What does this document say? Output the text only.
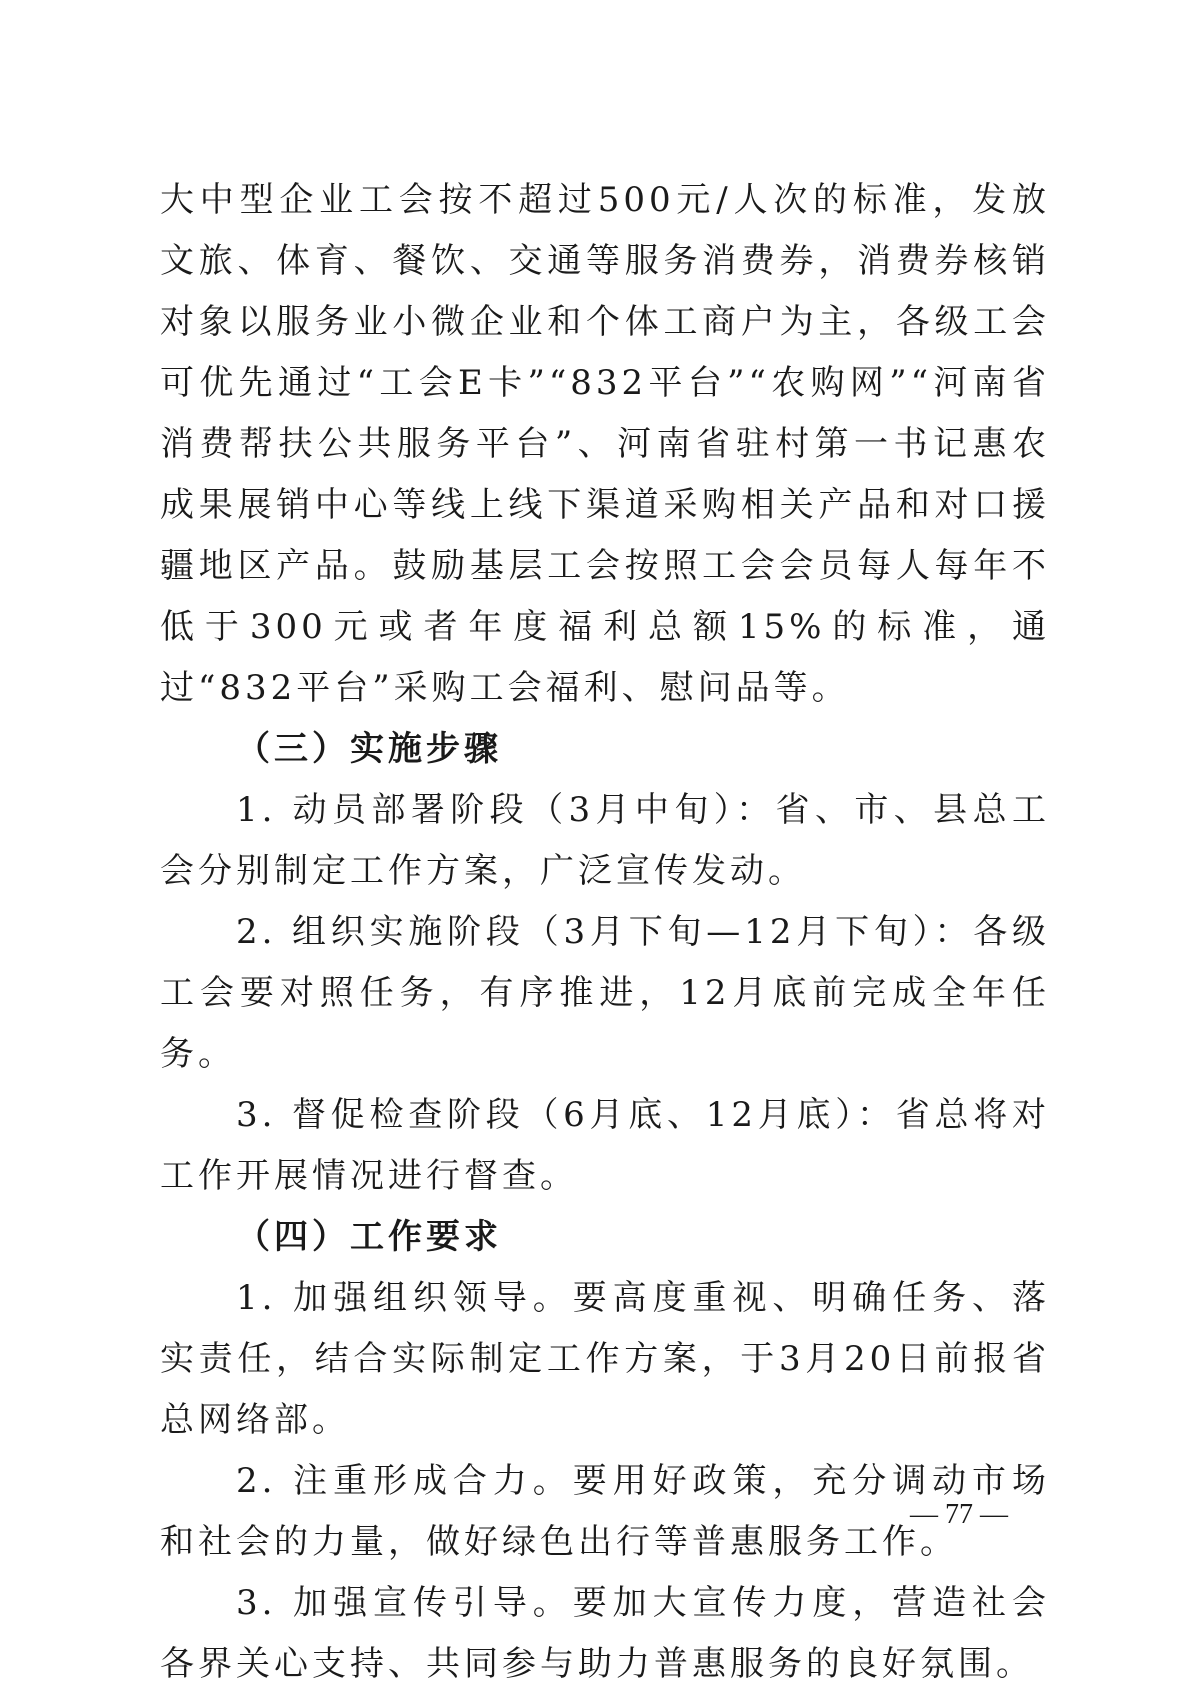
大中型企业工会按不超过500元/人次的标准，发放文旅、体育、餐饮、交通等服务消费券，消费券核销对象以服务业小微企业和个体工商户为主，各级工会可优先通过“工会E卡”“832平台”“农购网”“河南省消费帮扶公共服务平台”、河南省驻村第一书记惠农成果展销中心等线上线下渠道采购相关产品和对口援疆地区产品。鼓励基层工会按照工会会员每人每年不低于300元或者年度福利总额15%的标准，通过“832平台”采购工会福利、慰问品等。

（三）实施步骤

1. 动员部署阶段（3月中旬）：省、市、县总工会分别制定工作方案，广泛宣传发动。

2. 组织实施阶段（3月下旬—12月下旬）：各级工会要对照任务，有序推进，12月底前完成全年任务。

3. 督促检查阶段（6月底、12月底）：省总将对工作开展情况进行督查。

（四）工作要求

1. 加强组织领导。要高度重视、明确任务、落实责任，结合实际制定工作方案，于3月20日前报省总网络部。

2. 注重形成合力。要用好政策，充分调动市场和社会的力量，做好绿色出行等普惠服务工作。

3. 加强宣传引导。要加大宣传力度，营造社会各界关心支持、共同参与助力普惠服务的良好氛围。

— 77 —
